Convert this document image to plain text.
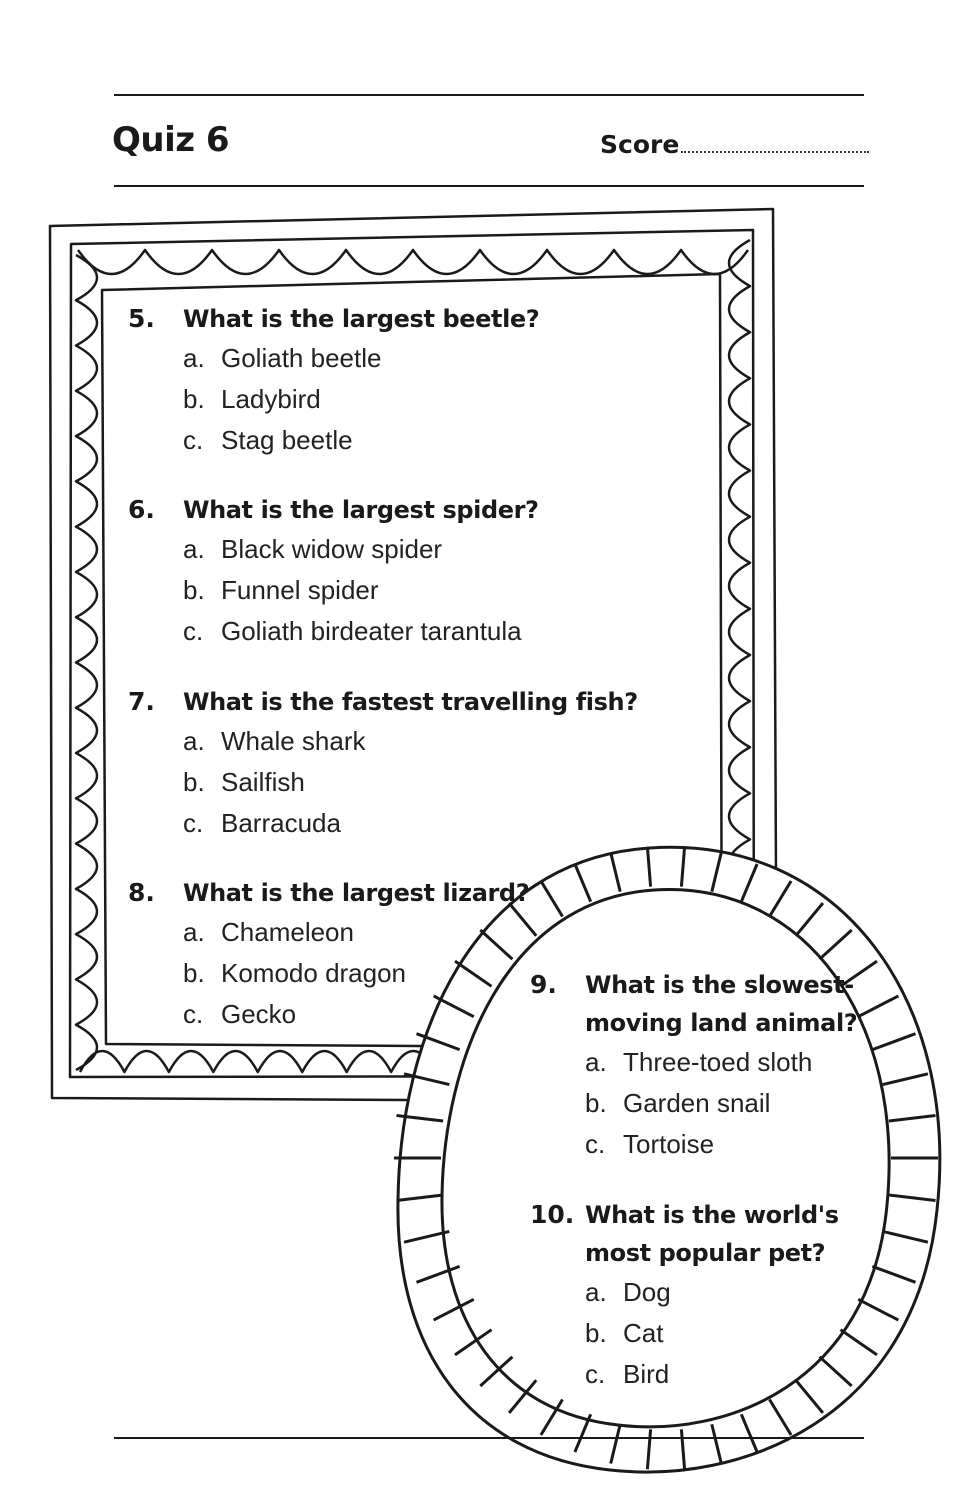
Quiz 6	Score
5.	What is the largest beetle?
a. Goliath beetle
b. Ladybird
c. Stag beetle
6.	What is the largest spider?
a. Black widow spider
b. Funnel spider
c. Goliath birdeater tarantula
7.	What is the fastest travelling fish?
a. Whale shark
b. Sailfish
c. Barracuda
8.	What is the largest lizard?
a. Chameleon
b. Komodo dragon
c. Gecko
9.	What is the slowest-moving land animal?
a. Three-toed sloth
b. Garden snail
c. Tortoise
10. What is the world's most popular pet?
a. Dog
b. Cat
c. Bird
